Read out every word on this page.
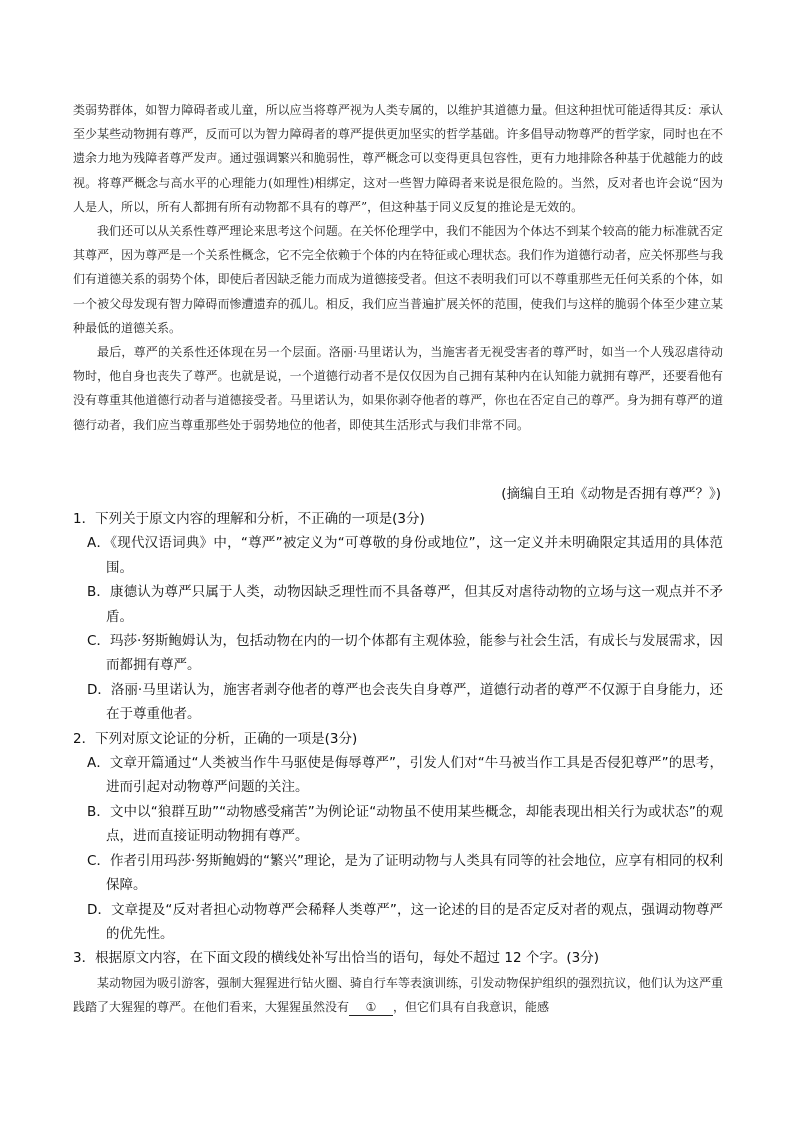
类弱势群体，如智力障碍者或儿童，所以应当将尊严视为人类专属的，以维护其道德力量。但这种担忧可能适得其反：承认至少某些动物拥有尊严，反而可以为智力障碍者的尊严提供更加坚实的哲学基础。许多倡导动物尊严的哲学家，同时也在不遗余力地为残障者尊严发声。通过强调繁兴和脆弱性，尊严概念可以变得更具包容性，更有力地排除各种基于优越能力的歧视。将尊严概念与高水平的心理能力(如理性)相绑定，这对一些智力障碍者来说是很危险的。当然，反对者也许会说“因为人是人，所以，所有人都拥有所有动物都不具有的尊严”，但这种基于同义反复的推论是无效的。

我们还可以从关系性尊严理论来思考这个问题。在关怀伦理学中，我们不能因为个体达不到某个较高的能力标准就否定其尊严，因为尊严是一个关系性概念，它不完全依赖于个体的内在特征或心理状态。我们作为道德行动者，应关怀那些与我们有道德关系的弱势个体，即使后者因缺乏能力而成为道德接受者。但这不表明我们可以不尊重那些无任何关系的个体，如一个被父母发现有智力障碍而惨遭遗弃的孤儿。相反，我们应当普遍扩展关怀的范围，使我们与这样的脆弱个体至少建立某种最低的道德关系。

最后，尊严的关系性还体现在另一个层面。洛丽·马里诺认为，当施害者无视受害者的尊严时，如当一个人残忍虐待动物时，他自身也丧失了尊严。也就是说，一个道德行动者不是仅仅因为自己拥有某种内在认知能力就拥有尊严，还要看他有没有尊重其他道德行动者与道德接受者。马里诺认为，如果你剥夺他者的尊严，你也在否定自己的尊严。身为拥有尊严的道德行动者，我们应当尊重那些处于弱势地位的他者，即使其生活形式与我们非常不同。

(摘编自王珀《动物是否拥有尊严？》)

1．下列关于原文内容的理解和分析，不正确的一项是(3分)

A．《现代汉语词典》中，“尊严”被定义为“可尊敬的身份或地位”，这一定义并未明确限定其适用的具体范围。

B．康德认为尊严只属于人类，动物因缺乏理性而不具备尊严，但其反对虐待动物的立场与这一观点并不矛盾。

C．玛莎·努斯鲍姆认为，包括动物在内的一切个体都有主观体验，能参与社会生活，有成长与发展需求，因而都拥有尊严。

D．洛丽·马里诺认为，施害者剥夺他者的尊严也会丧失自身尊严，道德行动者的尊严不仅源于自身能力，还在于尊重他者。

2．下列对原文论证的分析，正确的一项是(3分)

A．文章开篇通过“人类被当作牛马驱使是侮辱尊严”，引发人们对“牛马被当作工具是否侵犯尊严”的思考，进而引起对动物尊严问题的关注。

B．文中以“狼群互助”“动物感受痛苦”为例论证“动物虽不使用某些概念，却能表现出相关行为或状态”的观点，进而直接证明动物拥有尊严。

C．作者引用玛莎·努斯鲍姆的“繁兴”理论，是为了证明动物与人类具有同等的社会地位，应享有相同的权利保障。

D．文章提及“反对者担心动物尊严会稀释人类尊严”，这一论述的目的是否定反对者的观点，强调动物尊严的优先性。

3．根据原文内容，在下面文段的横线处补写出恰当的语句，每处不超过 12 个字。(3分)

某动物园为吸引游客，强制大猩猩进行钻火圈、骑自行车等表演训练，引发动物保护组织的强烈抗议，他们认为这严重践踏了大猩猩的尊严。在他们看来，大猩猩虽然没有 ① ，但它们具有自我意识，能感
